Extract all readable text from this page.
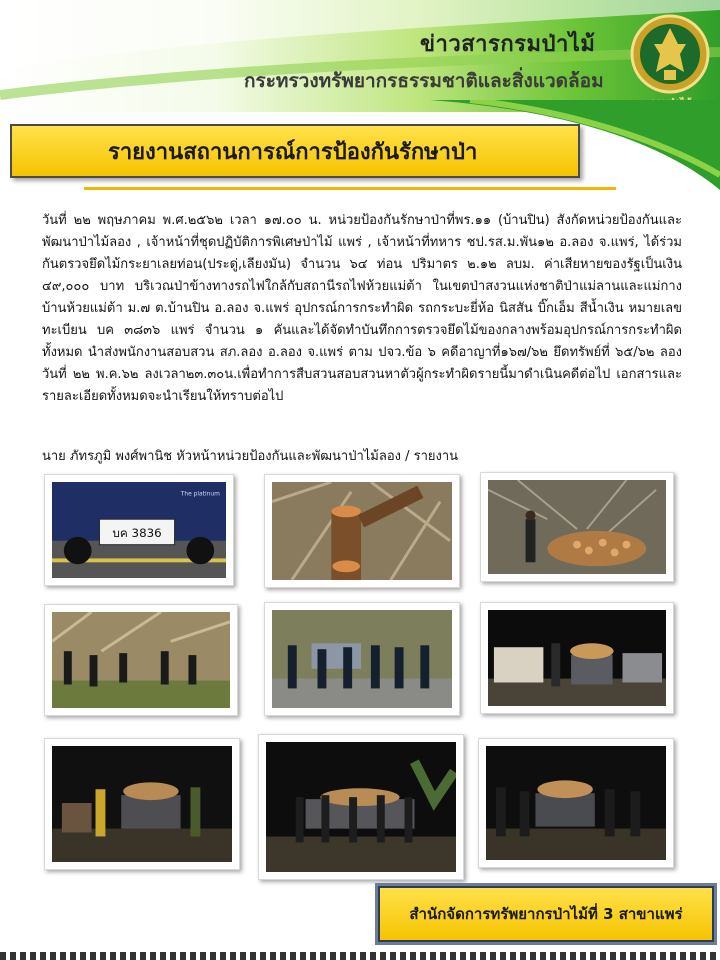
ข่าวสารกรมป่าไม้
กระทรวงทรัพยากรธรรมชาติและสิ่งแวดล้อม
รายงานสถานการณ์การป้องกันรักษาป่า

วันที่ ๒๒ พฤษภาคม พ.ศ.๒๕๖๒ เวลา ๑๗.๐๐ น. หน่วยป้องกันรักษาป่าที่พร.๑๑ (บ้านปิน) สังกัดหน่วยป้องกันและพัฒนาป่าไม้ลอง , เจ้าหน้าที่ชุดปฏิบัติการพิเศษป่าไม้ แพร่ , เจ้าหน้าที่ทหาร ชป.รส.ม.พัน๑๒ อ.ลอง จ.แพร่, ได้ร่วมกันตรวจยึดไม้กระยาเลยท่อน(ประดู่,เลียงมัน) จำนวน ๖๔ ท่อน ปริมาตร ๒.๑๒ ลบม. ค่าเสียหายของรัฐเป็นเงิน ๔๙,๐๐๐ บาท บริเวณป่าข้างทางรถไฟใกล้กับสถานีรถไฟห้วยแม่ต้า ในเขตป่าสงวนแห่งชาติป่าแม่ลานและแม่กาง บ้านห้วยแม่ต้า ม.๗ ต.บ้านปิน อ.ลอง จ.แพร่ อุปกรณ์การกระทำผิด รถกระบะยี่ห้อ นิสสัน บิ๊กเอ็ม สีน้ำเงิน หมายเลขทะเบียน บค ๓๘๓๖ แพร่ จำนวน ๑ คันและได้จัดทำบันทึกการตรวจยึดไม้ของกลางพร้อมอุปกรณ์การกระทำผิดทั้งหมด นำส่งพนักงานสอบสวน สภ.ลอง อ.ลอง จ.แพร่ ตาม ปจว.ข้อ ๖ คดีอาญาที่๑๖๗/๖๒ ยึดทรัพย์ที่ ๖๕/๖๒ ลอง วันที่ ๒๒ พ.ค.๖๒ ลงเวลา๒๓.๓๐น.เพื่อทำการสืบสวนสอบสวนหาตัวผู้กระทำผิดรายนี้มาดำเนินคดีต่อไป เอกสารและรายละเอียดทั้งหมดจะนำเรียนให้ทราบต่อไป

นาย ภัทรภูมิ พงศ์พานิช หัวหน้าหน่วยป้องกันและพัฒนาป่าไม้ลอง / รายงาน

บค 3836
The platinum
สำนักจัดการทรัพยากรป่าไม้ที่ 3 สาขาแพร่
